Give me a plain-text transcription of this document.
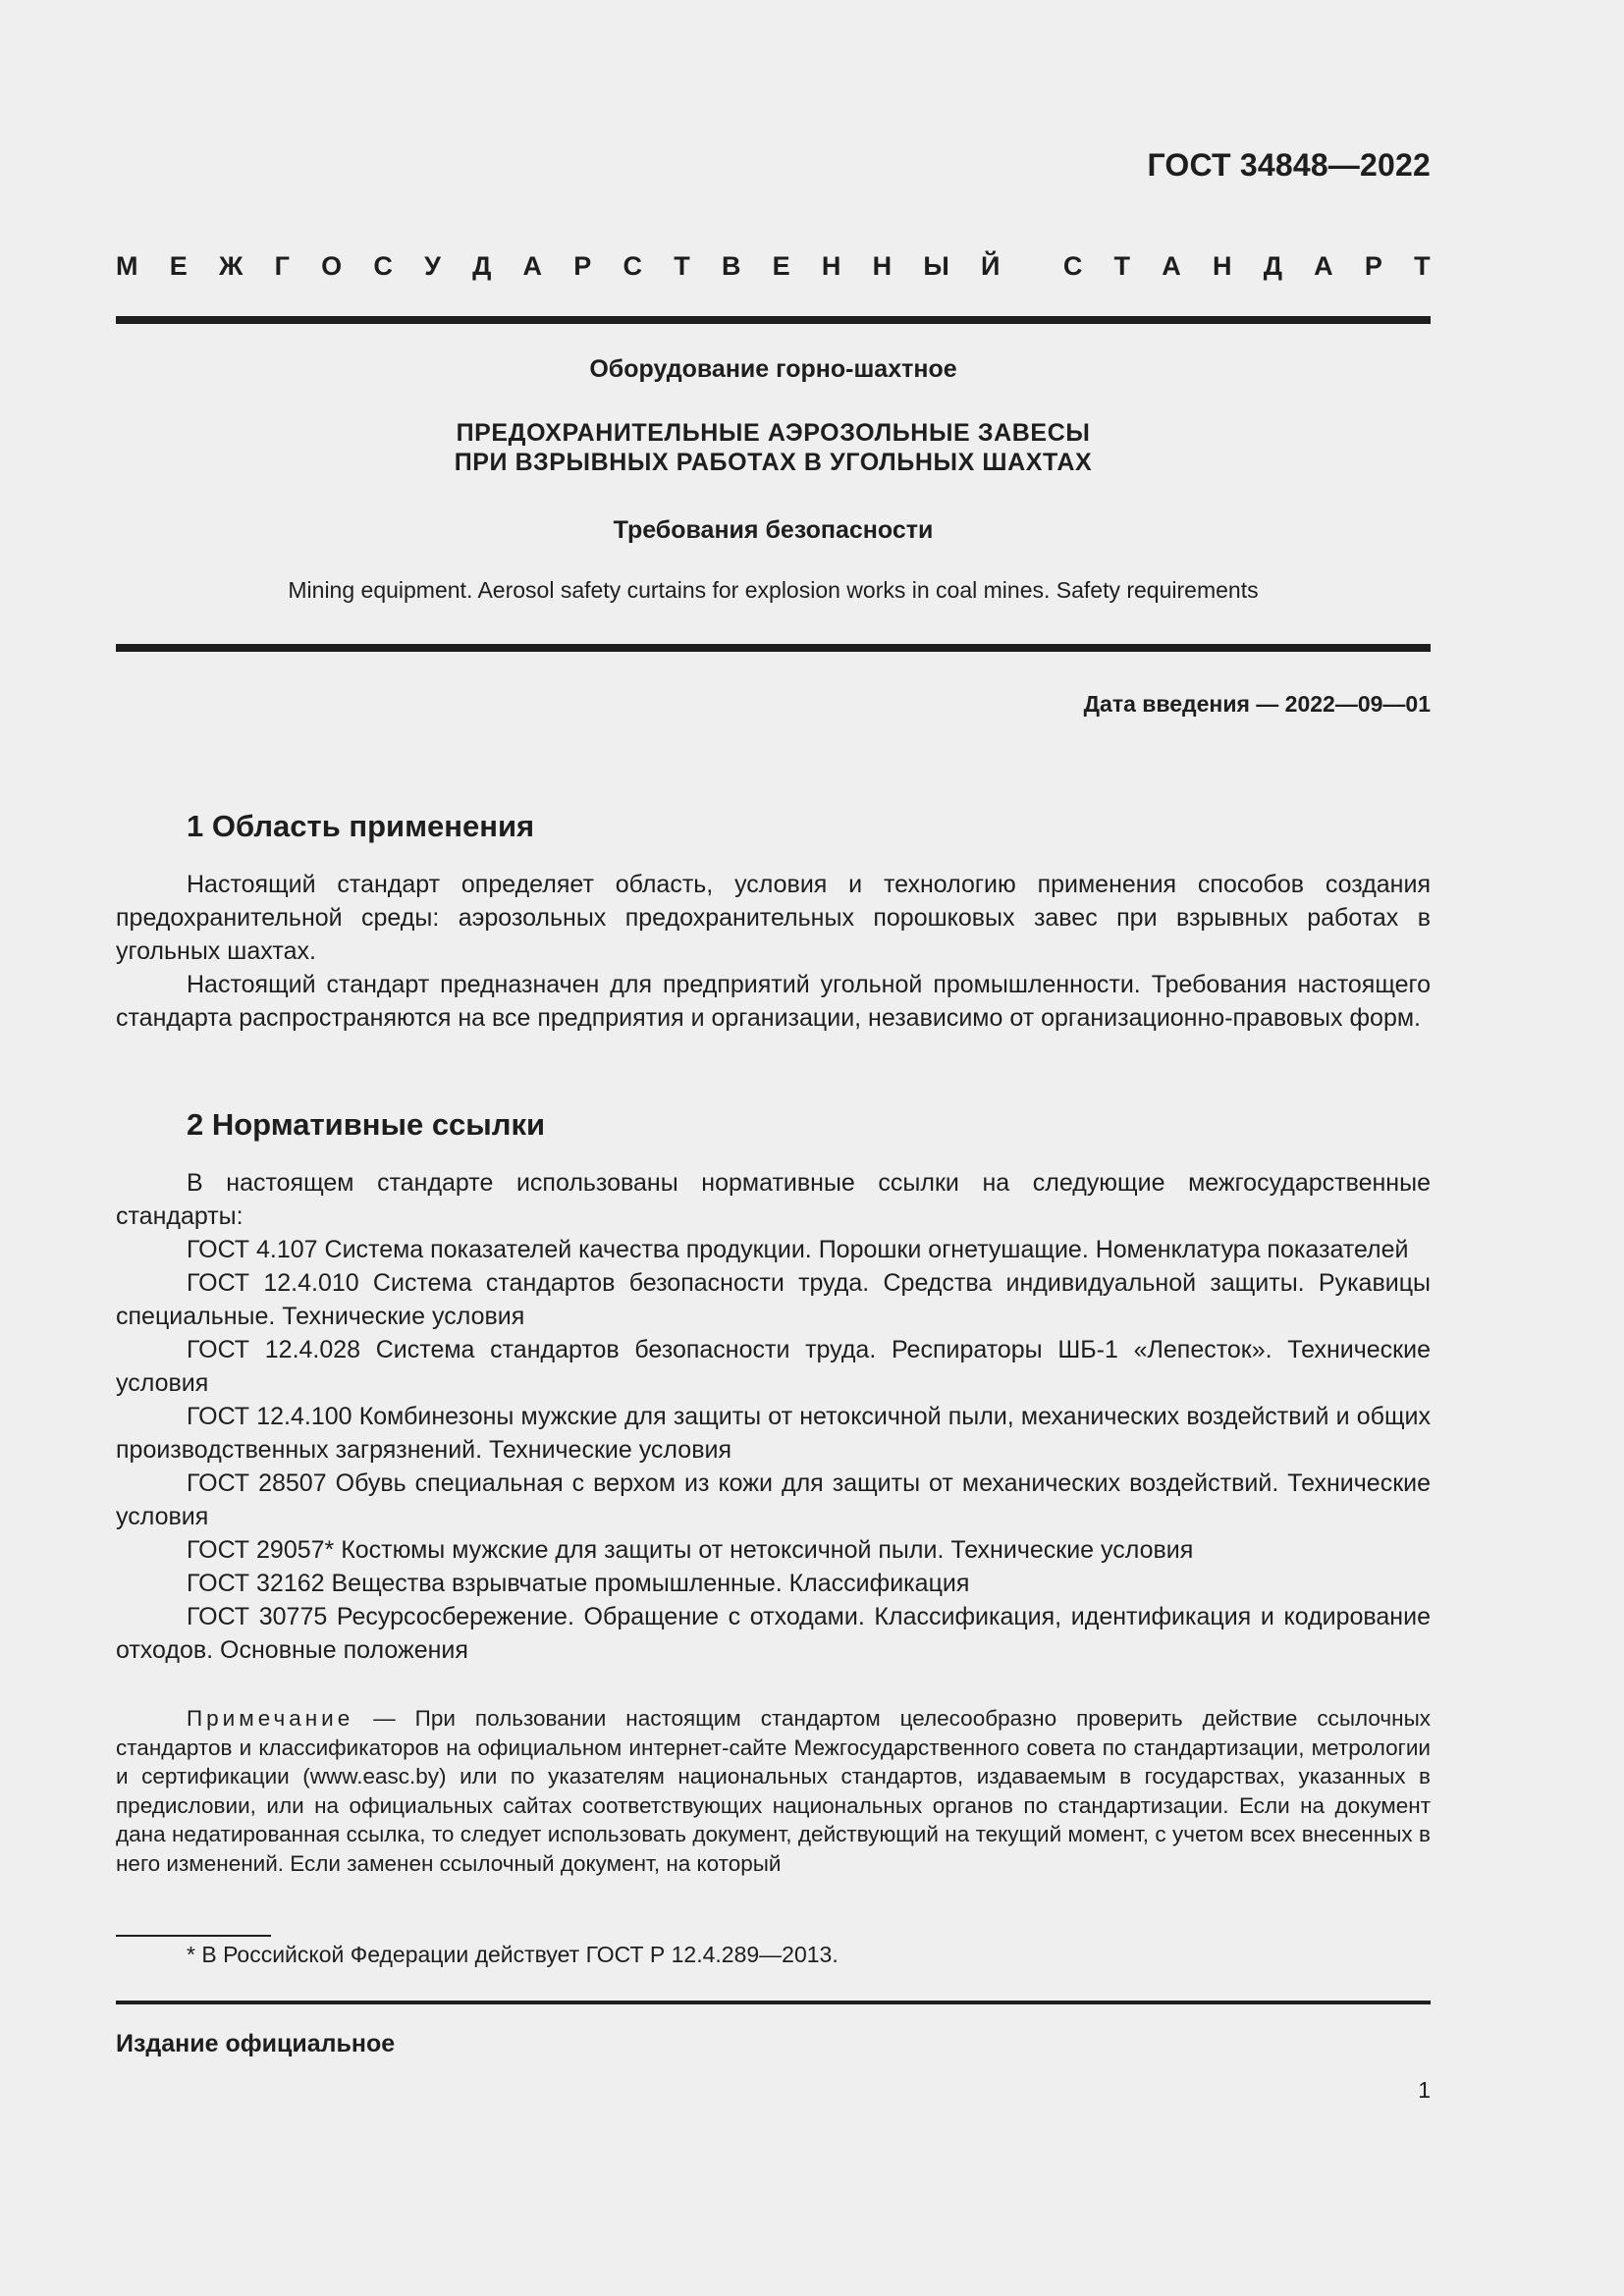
ГОСТ 34848—2022
М Е Ж Г О С У Д А Р С Т В Е Н Н Ы Й С Т А Н Д А Р Т
Оборудование горно-шахтное
ПРЕДОХРАНИТЕЛЬНЫЕ АЭРОЗОЛЬНЫЕ ЗАВЕСЫ
ПРИ ВЗРЫВНЫХ РАБОТАХ В УГОЛЬНЫХ ШАХТАХ
Требования безопасности
Mining equipment. Aerosol safety curtains for explosion works in coal mines. Safety requirements
Дата введения — 2022—09—01
1 Область применения

Настоящий стандарт определяет область, условия и технологию применения способов создания предохранительной среды: аэрозольных предохранительных порошковых завес при взрывных работах в угольных шахтах.

Настоящий стандарт предназначен для предприятий угольной промышленности. Требования настоящего стандарта распространяются на все предприятия и организации, независимо от организационно-правовых форм.

2 Нормативные ссылки

В настоящем стандарте использованы нормативные ссылки на следующие межгосударственные стандарты:

ГОСТ 4.107 Система показателей качества продукции. Порошки огнетушащие. Номенклатура показателей

ГОСТ 12.4.010 Система стандартов безопасности труда. Средства индивидуальной защиты. Рукавицы специальные. Технические условия

ГОСТ 12.4.028 Система стандартов безопасности труда. Респираторы ШБ-1 «Лепесток». Технические условия

ГОСТ 12.4.100 Комбинезоны мужские для защиты от нетоксичной пыли, механических воздействий и общих производственных загрязнений. Технические условия

ГОСТ 28507 Обувь специальная с верхом из кожи для защиты от механических воздействий. Технические условия

ГОСТ 29057* Костюмы мужские для защиты от нетоксичной пыли. Технические условия

ГОСТ 32162 Вещества взрывчатые промышленные. Классификация

ГОСТ 30775 Ресурсосбережение. Обращение с отходами. Классификация, идентификация и кодирование отходов. Основные положения

Примечание — При пользовании настоящим стандартом целесообразно проверить действие ссылочных стандартов и классификаторов на официальном интернет-сайте Межгосударственного совета по стандартизации, метрологии и сертификации (www.easc.by) или по указателям национальных стандартов, издаваемым в государствах, указанных в предисловии, или на официальных сайтах соответствующих национальных органов по стандартизации. Если на документ дана недатированная ссылка, то следует использовать документ, действующий на текущий момент, с учетом всех внесенных в него изменений. Если заменен ссылочный документ, на который

* В Российской Федерации действует ГОСТ Р 12.4.289—2013.
Издание официальное
1
